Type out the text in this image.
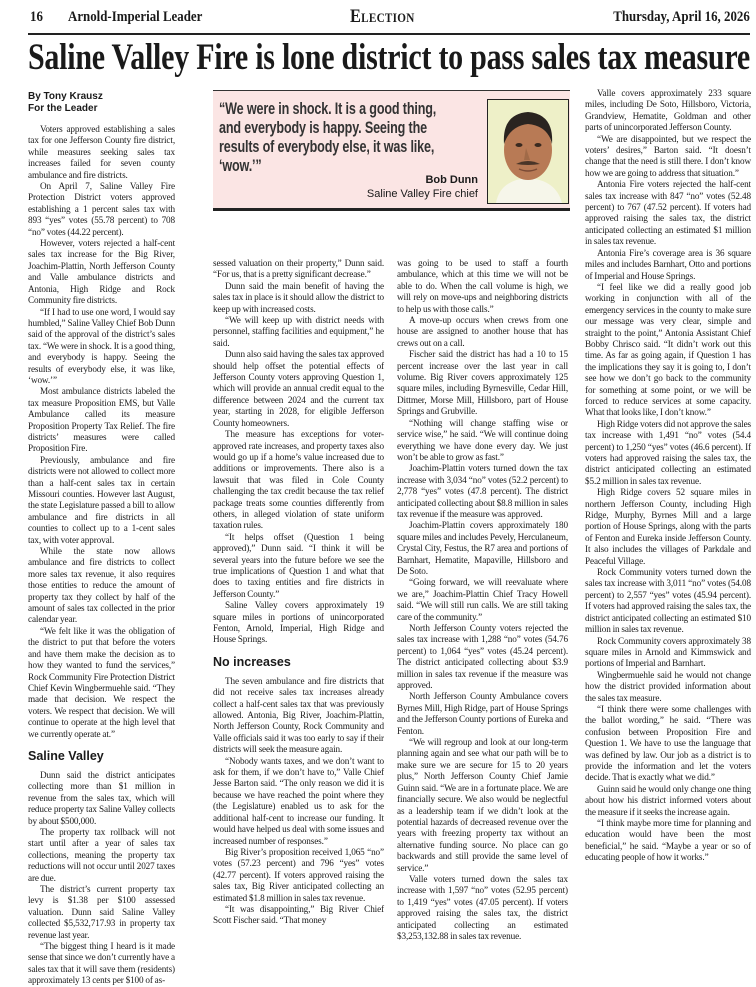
16 Arnold-Imperial Leader	Election	Thursday, April 16, 2026
Saline Valley Fire is lone district to pass sales tax measure
By Tony Krausz
For the Leader

Voters approved establishing a sales tax for one Jefferson County fire district, while measures seeking sales tax increases failed for seven county ambulance and fire districts.

On April 7, Saline Valley Fire Protection District voters approved establishing a 1 percent sales tax with 893 “yes” votes (55.78 percent) to 708 “no” votes (44.22 percent).

However, voters rejected a half-cent sales tax increase for the Big River, Joachim-Plattin, North Jefferson County and Valle ambulance districts and Antonia, High Ridge and Rock Community fire districts.

“If I had to use one word, I would say humbled,” Saline Valley Chief Bob Dunn said of the approval of the district’s sales tax. “We were in shock. It is a good thing, and everybody is happy. Seeing the results of everybody else, it was like, ‘wow.’”

Most ambulance districts labeled the tax measure Proposition EMS, but Valle Ambulance called its measure Proposition Property Tax Relief. The fire districts’ measures were called Proposition Fire.

Previously, ambulance and fire districts were not allowed to collect more than a half-cent sales tax in certain Missouri counties. However last August, the state Legislature passed a bill to allow ambulance and fire districts in all counties to collect up to a 1-cent sales tax, with voter approval.

While the state now allows ambulance and fire districts to collect more sales tax revenue, it also requires those entities to reduce the amount of property tax they collect by half of the amount of sales tax collected in the prior calendar year.

“We felt like it was the obligation of the district to put that before the voters and have them make the decision as to how they wanted to fund the services,” Rock Community Fire Protection District Chief Kevin Wingbermuehle said. “They made that decision. We respect the voters. We respect that decision. We will continue to operate at the high level that we currently operate at.”

Saline Valley

Dunn said the district anticipates collecting more than $1 million in revenue from the sales tax, which will reduce property tax Saline Valley collects by about $500,000.

The property tax rollback will not start until after a year of sales tax collections, meaning the property tax reductions will not occur until 2027 taxes are due.

The district’s current property tax levy is $1.38 per $100 assessed valuation. Dunn said Saline Valley collected $5,532,717.93 in property tax revenue last year.

“The biggest thing I heard is it made sense that since we don’t currently have a sales tax that it will save them (residents) approximately 13 cents per $100 of as-

sessed valuation on their property,” Dunn said. “For us, that is a pretty significant decrease.”

Dunn said the main benefit of having the sales tax in place is it should allow the district to keep up with increased costs.

“We will keep up with district needs with personnel, staffing facilities and equipment,” he said.

Dunn also said having the sales tax approved should help offset the potential effects of Jefferson County voters approving Question 1, which will provide an annual credit equal to the difference between 2024 and the current tax year, starting in 2028, for eligible Jefferson County homeowners.

The measure has exceptions for voter-approved rate increases, and property taxes also would go up if a home’s value increased due to additions or improvements. There also is a lawsuit that was filed in Cole County challenging the tax credit because the tax relief package treats some counties differently from others, in alleged violation of state uniform taxation rules.

“It helps offset (Question 1 being approved),” Dunn said. “I think it will be several years into the future before we see the true implications of Question 1 and what that does to taxing entities and fire districts in Jefferson County.”

Saline Valley covers approximately 19 square miles in portions of unincorporated Fenton, Arnold, Imperial, High Ridge and House Springs.

No increases

The seven ambulance and fire districts that did not receive sales tax increases already collect a half-cent sales tax that was previously allowed. Antonia, Big River, Joachim-Plattin, North Jefferson County, Rock Community and Valle officials said it was too early to say if their districts will seek the measure again.

“Nobody wants taxes, and we don’t want to ask for them, if we don’t have to,” Valle Chief Jesse Barton said. “The only reason we did it is because we have reached the point where they (the Legislature) enabled us to ask for the additional half-cent to increase our funding. It would have helped us deal with some issues and increased number of responses.”

Big River’s proposition received 1,065 “no” votes (57.23 percent) and 796 “yes” votes (42.77 percent). If voters approved raising the sales tax, Big River anticipated collecting an estimated $1.8 million in sales tax revenue.

“It was disappointing,” Big River Chief Scott Fischer said. “That money

was going to be used to staff a fourth ambulance, which at this time we will not be able to do. When the call volume is high, we will rely on move-ups and neighboring districts to help us with those calls.”

A move-up occurs when crews from one house are assigned to another house that has crews out on a call.

Fischer said the district has had a 10 to 15 percent increase over the last year in call volume. Big River covers approximately 125 square miles, including Byrnesville, Cedar Hill, Dittmer, Morse Mill, Hillsboro, part of House Springs and Grubville.

“Nothing will change staffing wise or service wise,” he said. “We will continue doing everything we have done every day. We just won’t be able to grow as fast.”

Joachim-Plattin voters turned down the tax increase with 3,034 “no” votes (52.2 percent) to 2,778 “yes” votes (47.8 percent). The district anticipated collecting about $8.8 million in sales tax revenue if the measure was approved.

Joachim-Plattin covers approximately 180 square miles and includes Pevely, Herculaneum, Crystal City, Festus, the R7 area and portions of Barnhart, Hematite, Mapaville, Hillsboro and De Soto.

“Going forward, we will reevaluate where we are,” Joachim-Plattin Chief Tracy Howell said. “We will still run calls. We are still taking care of the community.”

North Jefferson County voters rejected the sales tax increase with 1,288 “no” votes (54.76 percent) to 1,064 “yes” votes (45.24 percent). The district anticipated collecting about $3.9 million in sales tax revenue if the measure was approved.

North Jefferson County Ambulance covers Byrnes Mill, High Ridge, part of House Springs and the Jefferson County portions of Eureka and Fenton.

“We will regroup and look at our long-term planning again and see what our path will be to make sure we are secure for 15 to 20 years plus,” North Jefferson County Chief Jamie Guinn said. “We are in a fortunate place. We are financially secure. We also would be neglectful as a leadership team if we didn’t look at the potential hazards of decreased revenue over the years with freezing property tax without an alternative funding source. No place can go backwards and still provide the same level of service.”

Valle voters turned down the sales tax increase with 1,597 “no” votes (52.95 percent) to 1,419 “yes” votes (47.05 percent). If voters approved raising the sales tax, the district anticipated collecting an estimated $3,253,132.88 in sales tax revenue.

Valle covers approximately 233 square miles, including De Soto, Hillsboro, Victoria, Grandview, Hematite, Goldman and other parts of unincorporated Jefferson County.

“We are disappointed, but we respect the voters’ desires,” Barton said. “It doesn’t change that the need is still there. I don’t know how we are going to address that situation.”

Antonia Fire voters rejected the half-cent sales tax increase with 847 “no” votes (52.48 percent) to 767 (47.52 percent). If voters had approved raising the sales tax, the district anticipated collecting an estimated $1 million in sales tax revenue.

Antonia Fire’s coverage area is 36 square miles and includes Barnhart, Otto and portions of Imperial and House Springs.

“I feel like we did a really good job working in conjunction with all of the emergency services in the county to make sure our message was very clear, simple and straight to the point,” Antonia Assistant Chief Bobby Chrisco said. “It didn’t work out this time. As far as going again, if Question 1 has the implications they say it is going to, I don’t see how we don’t go back to the community for something at some point, or we will be forced to reduce services at some capacity. What that looks like, I don’t know.”

High Ridge voters did not approve the sales tax increase with 1,491 “no” votes (54.4 percent) to 1,250 “yes” votes (46.6 percent). If voters had approved raising the sales tax, the district anticipated collecting an estimated $5.2 million in sales tax revenue.

High Ridge covers 52 square miles in northern Jefferson County, including High Ridge, Murphy, Byrnes Mill and a large portion of House Springs, along with the parts of Fenton and Eureka inside Jefferson County. It also includes the villages of Parkdale and Peaceful Village.

Rock Community voters turned down the sales tax increase with 3,011 “no” votes (54.08 percent) to 2,557 “yes” votes (45.94 percent). If voters had approved raising the sales tax, the district anticipated collecting an estimated $10 million in sales tax revenue.

Rock Community covers approximately 38 square miles in Arnold and Kimmswick and portions of Imperial and Barnhart.

Wingbermuehle said he would not change how the district provided information about the sales tax measure.

“I think there were some challenges with the ballot wording,” he said. “There was confusion between Proposition Fire and Question 1. We have to use the language that was defined by law. Our job as a district is to provide the information and let the voters decide. That is exactly what we did.”

Guinn said he would only change one thing about how his district informed voters about the measure if it seeks the increase again.

“I think maybe more time for planning and education would have been the most beneficial,” he said. “Maybe a year or so of educating people of how it works.”

“We were in shock. It is a good thing,
and everybody is happy. Seeing the
results of everybody else, it was like,
‘wow.’”
Bob Dunn
Saline Valley Fire chief
